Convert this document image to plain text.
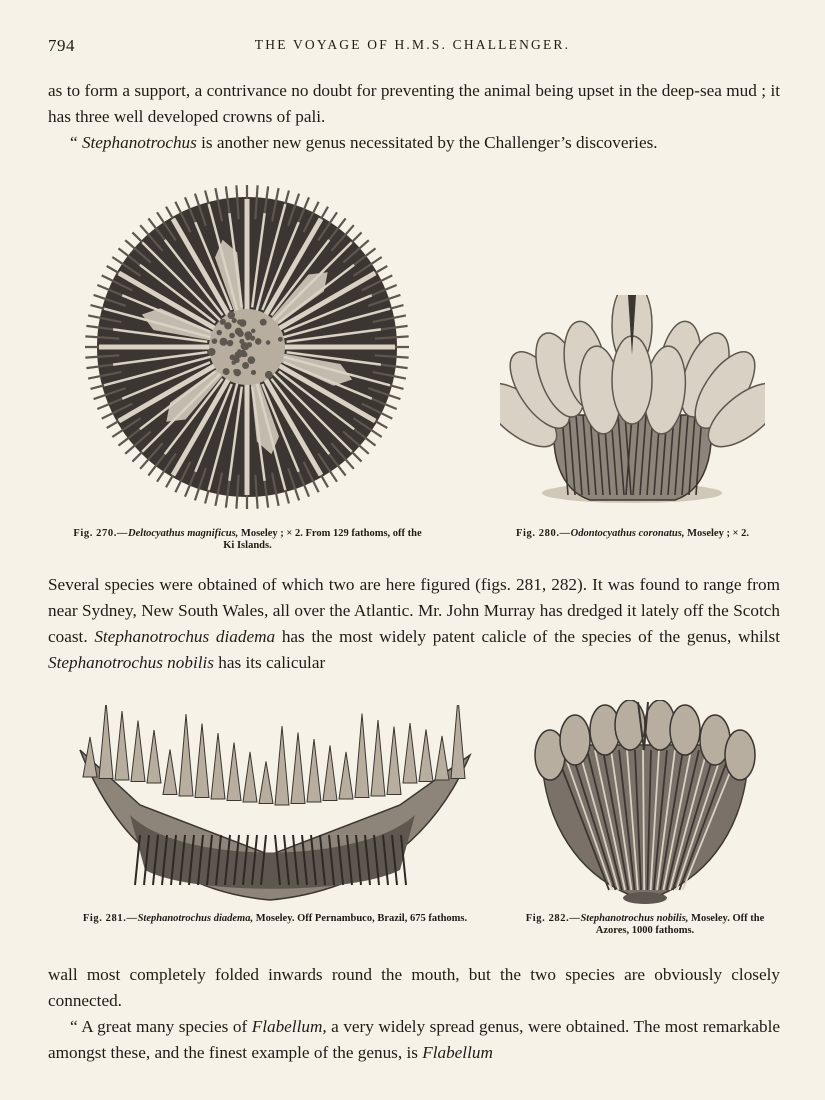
794	THE VOYAGE OF H.M.S. CHALLENGER.

as to form a support, a contrivance no doubt for preventing the animal being upset in the deep-sea mud ; it has three well developed crowns of pali.

“ Stephanotrochus is another new genus necessitated by the Challenger’s discoveries.

Fig. 270.—Deltocyathus magnificus, Moseley ; × 2. From 129 fathoms, off the Ki Islands.
Fig. 280.—Odontocyathus coronatus, Moseley ; × 2.

Several species were obtained of which two are here figured (figs. 281, 282). It was found to range from near Sydney, New South Wales, all over the Atlantic. Mr. John Murray has dredged it lately off the Scotch coast. Stephanotrochus diadema has the most widely patent calicle of the species of the genus, whilst Stephanotrochus nobilis has its calicular

Fig. 281.—Stephanotrochus diadema, Moseley. Off Pernambuco, Brazil, 675 fathoms.	Fig. 282.—Stephanotrochus nobilis, Moseley. Off the Azores, 1000 fathoms.

wall most completely folded inwards round the mouth, but the two species are obviously closely connected.

“ A great many species of Flabellum, a very widely spread genus, were obtained. The most remarkable amongst these, and the finest example of the genus, is Flabellum
